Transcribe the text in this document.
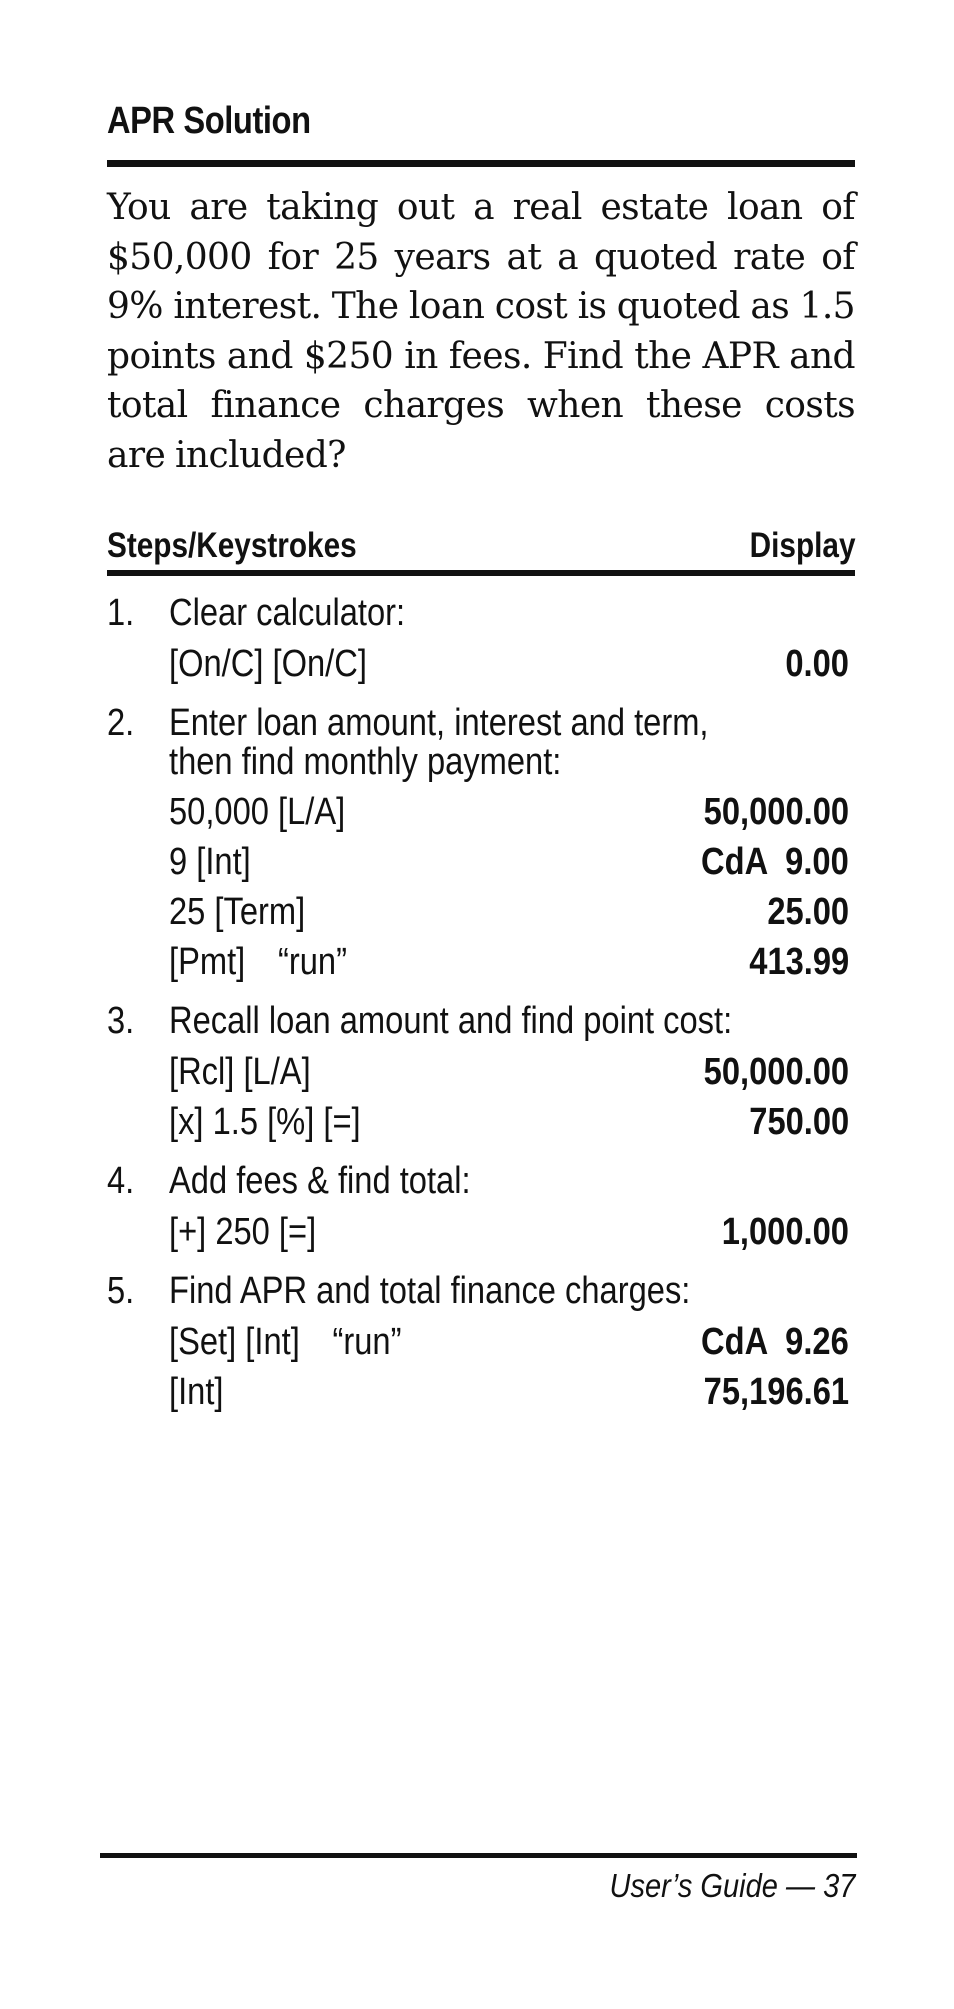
APR Solution
You are taking out a real estate loan of $50,000 for 25 years at a quoted rate of 9% interest. The loan cost is quoted as 1.5 points and $250 in fees. Find the APR and total finance charges when these costs are included?
Steps/Keystrokes	Display
1. Clear calculator:
[On/C] [On/C]	0.00
2. Enter loan amount, interest and term,
then find monthly payment:
50,000 [L/A]	50,000.00
9 [Int]	CdA  9.00
25 [Term]	25.00
[Pmt] “run”	413.99
3. Recall loan amount and find point cost:
[Rcl] [L/A]	50,000.00
[x] 1.5 [%] [=]	750.00
4. Add fees & find total:
[+] 250 [=]	1,000.00
5. Find APR and total finance charges:
[Set] [Int] “run”	CdA  9.26
[Int]	75,196.61
User’s Guide — 37
